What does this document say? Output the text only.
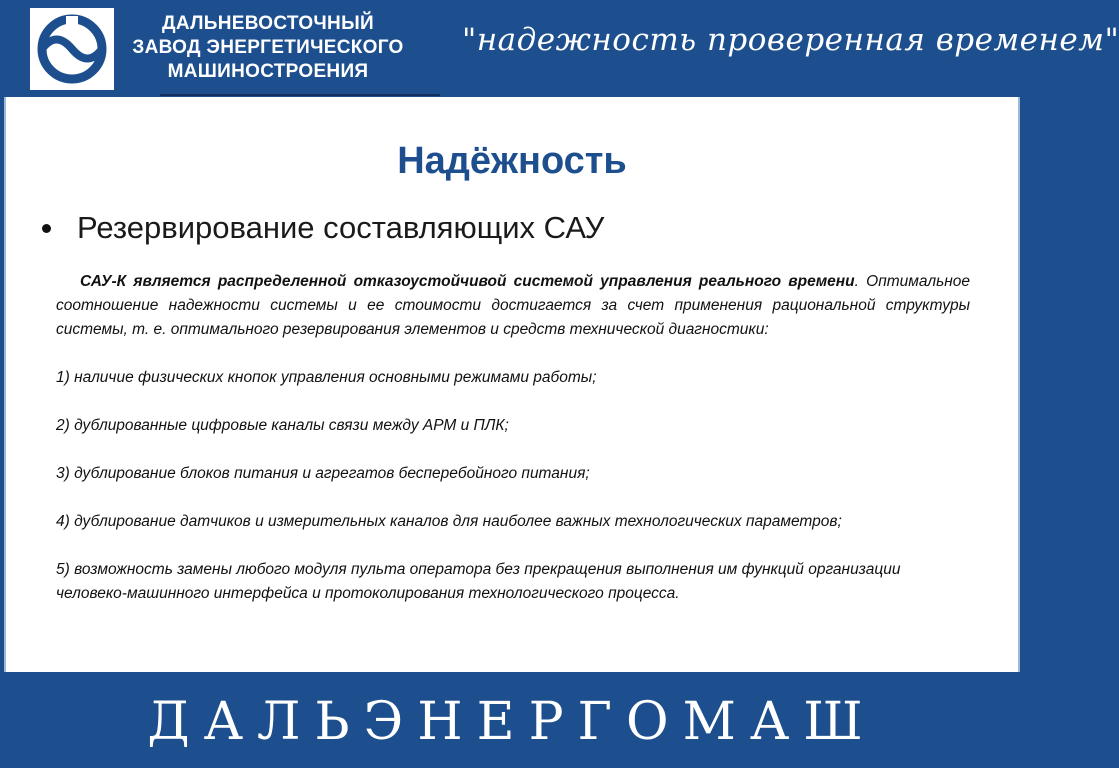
ДАЛЬНЕВОСТОЧНЫЙ
ЗАВОД ЭНЕРГЕТИЧЕСКОГО
МАШИНОСТРОЕНИЯ
"надежность проверенная временем"
Надёжность
Резервирование составляющих САУ

САУ-К является распределенной отказоустойчивой системой управления реального времени. Оптимальное соотношение надежности системы и ее стоимости достигается за счет применения рациональной структуры системы, т. е. оптимального резервирования элементов и средств технической диагностики:

1) наличие физических кнопок управления основными режимами работы;

2) дублированные цифровые каналы связи между АРМ и ПЛК;

3) дублирование блоков питания и агрегатов бесперебойного питания;

4) дублирование датчиков и измерительных каналов для наиболее важных технологических параметров;

5) возможность замены любого модуля пульта оператора без прекращения выполнения им функций организации человеко-машинного интерфейса и протоколирования технологического процесса.

ДАЛЬЭНЕРГОМАШ
